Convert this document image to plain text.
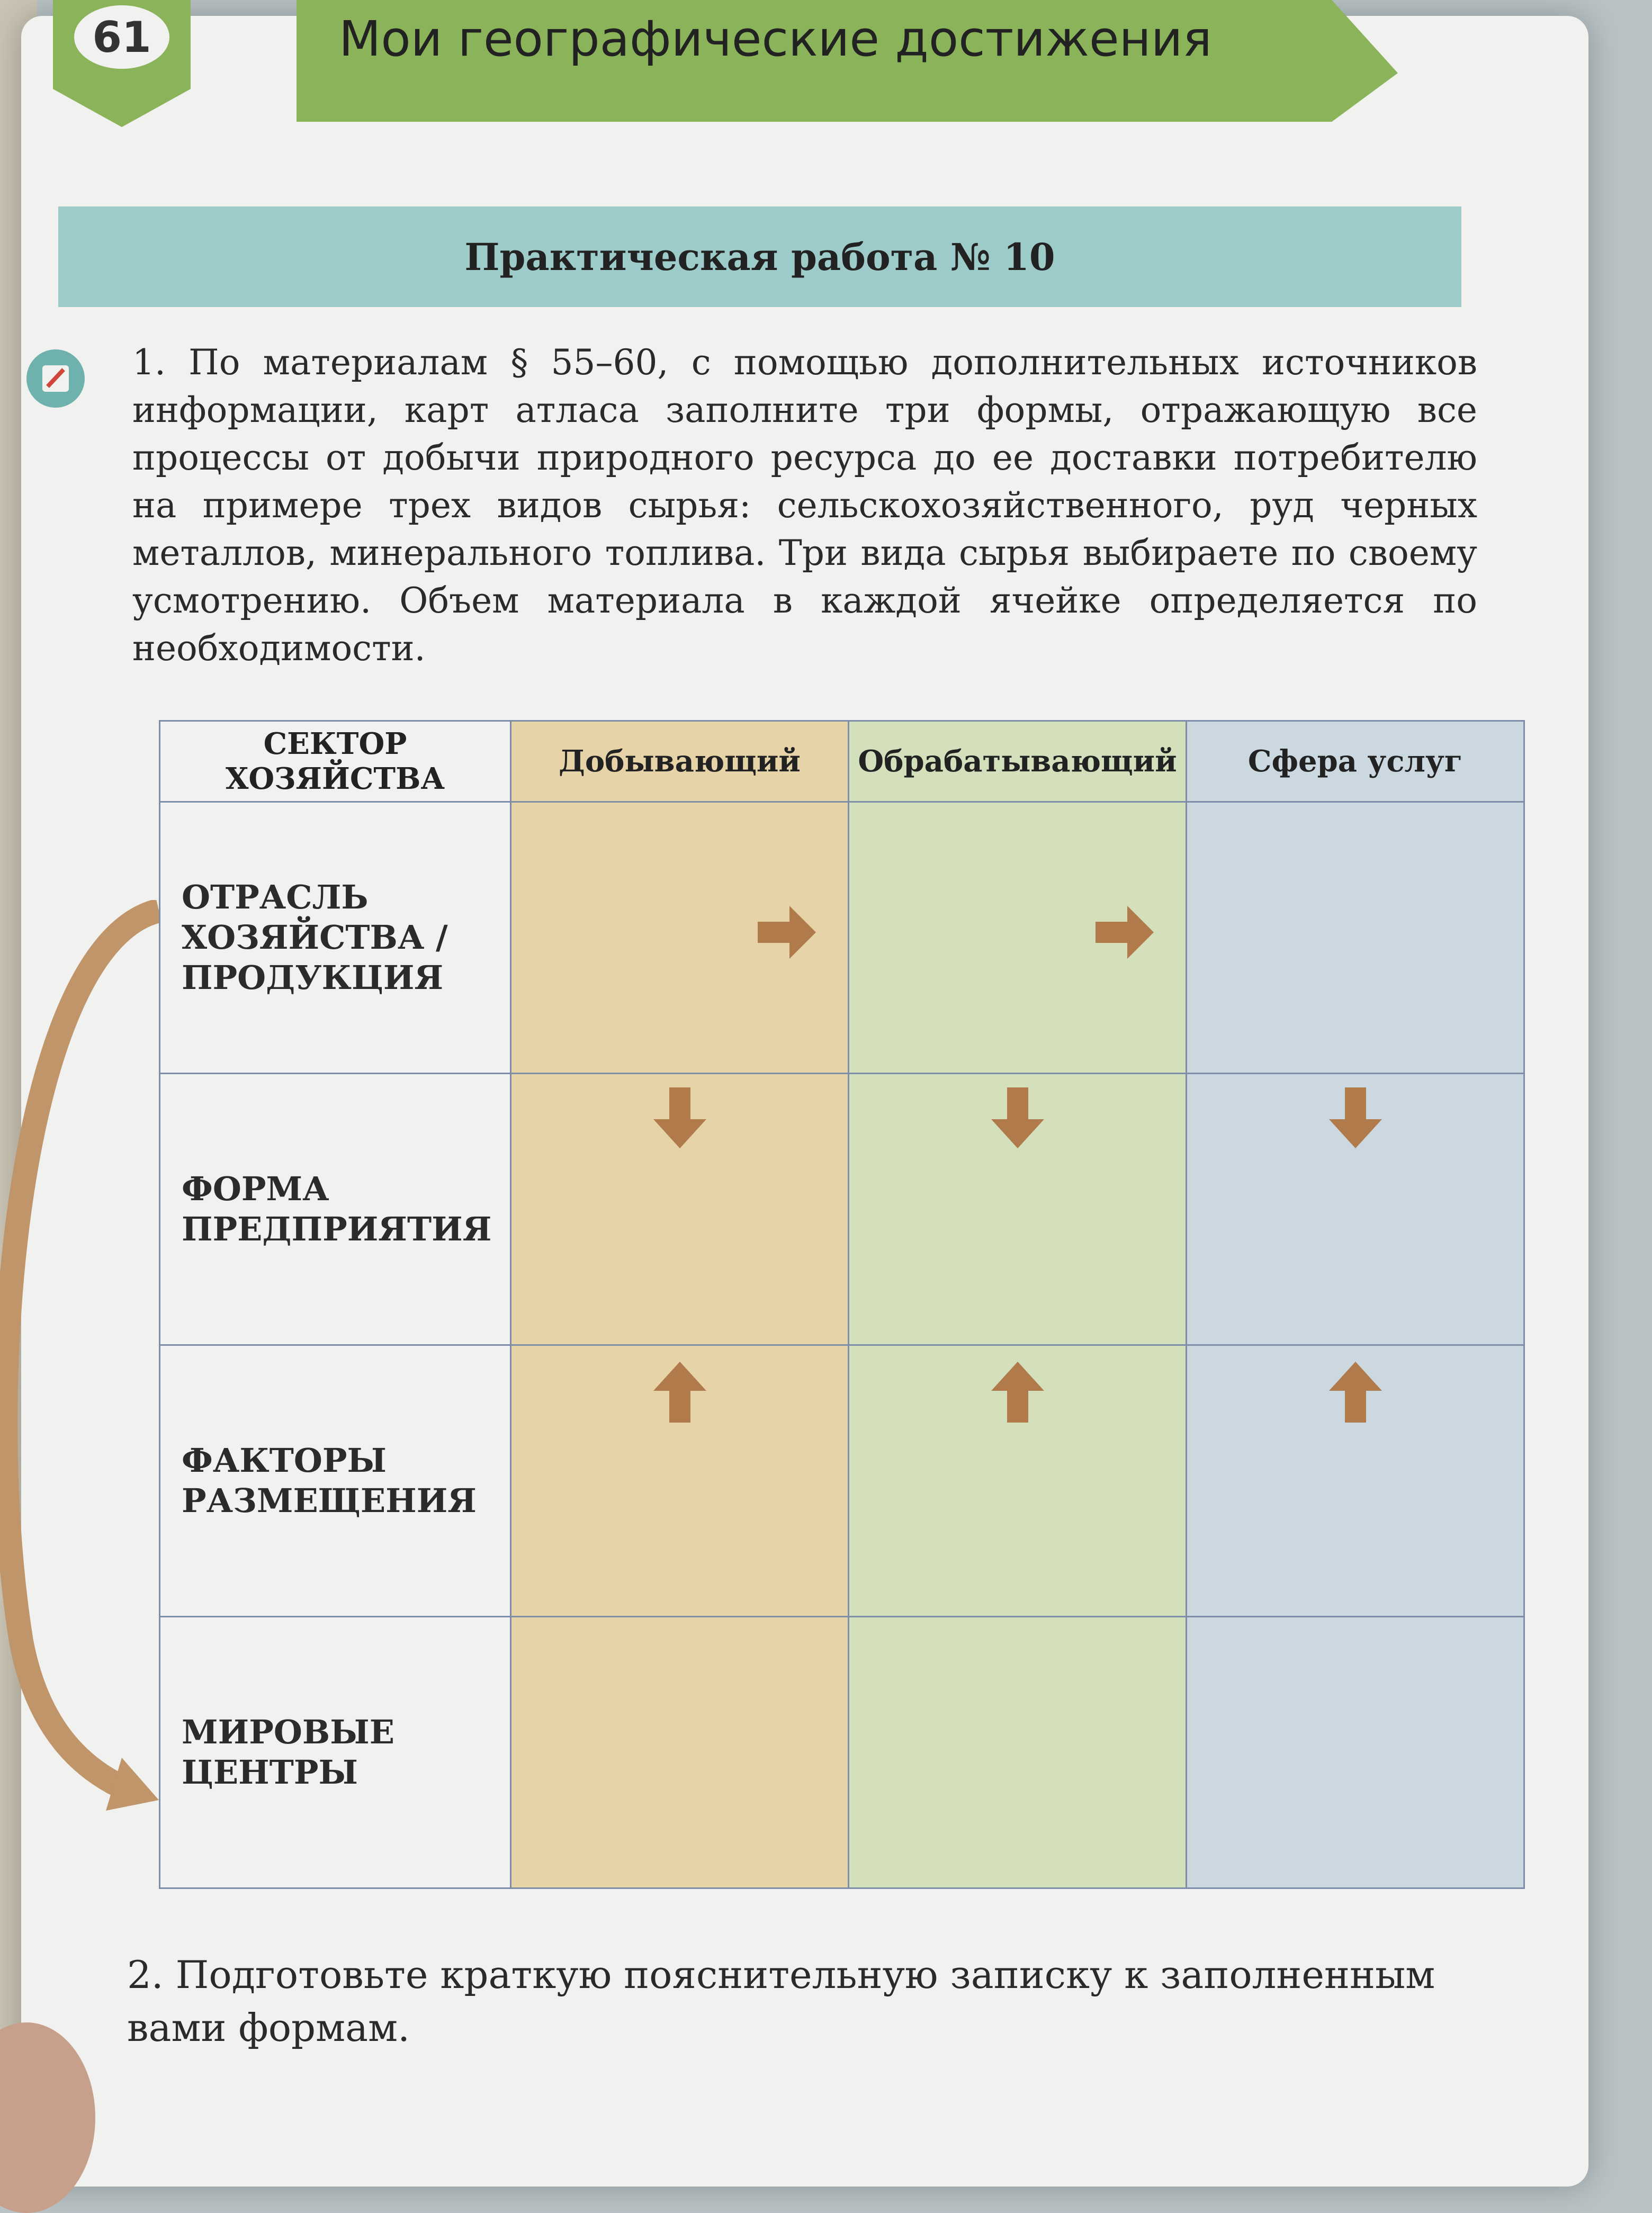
61	Мои географические достижения
Практическая работа № 10
1. По материалам § 55–60, с помощью дополнительных источников информации, карт атласа заполните три формы, отражающую все процессы от добычи природного ресурса до ее доставки потребителю на примере трех видов сырья: сельскохозяйственного, руд черных металлов, минерального топлива. Три вида сырья выбираете по своему усмотрению. Объем материала в каждой ячейке определяется по необходимости.
СЕКТОР ХОЗЯЙСТВА	Добывающий	Обрабатывающий	Сфера услуг
ОТРАСЛЬ ХОЗЯЙСТВА / ПРОДУКЦИЯ	

ФОРМА ПРЕДПРИЯТИЯ	

ФАКТОРЫ РАЗМЕЩЕНИЯ	

МИРОВЫЕ ЦЕНТРЫ			
2. Подготовьте краткую пояснительную записку к заполненным вами формам.
